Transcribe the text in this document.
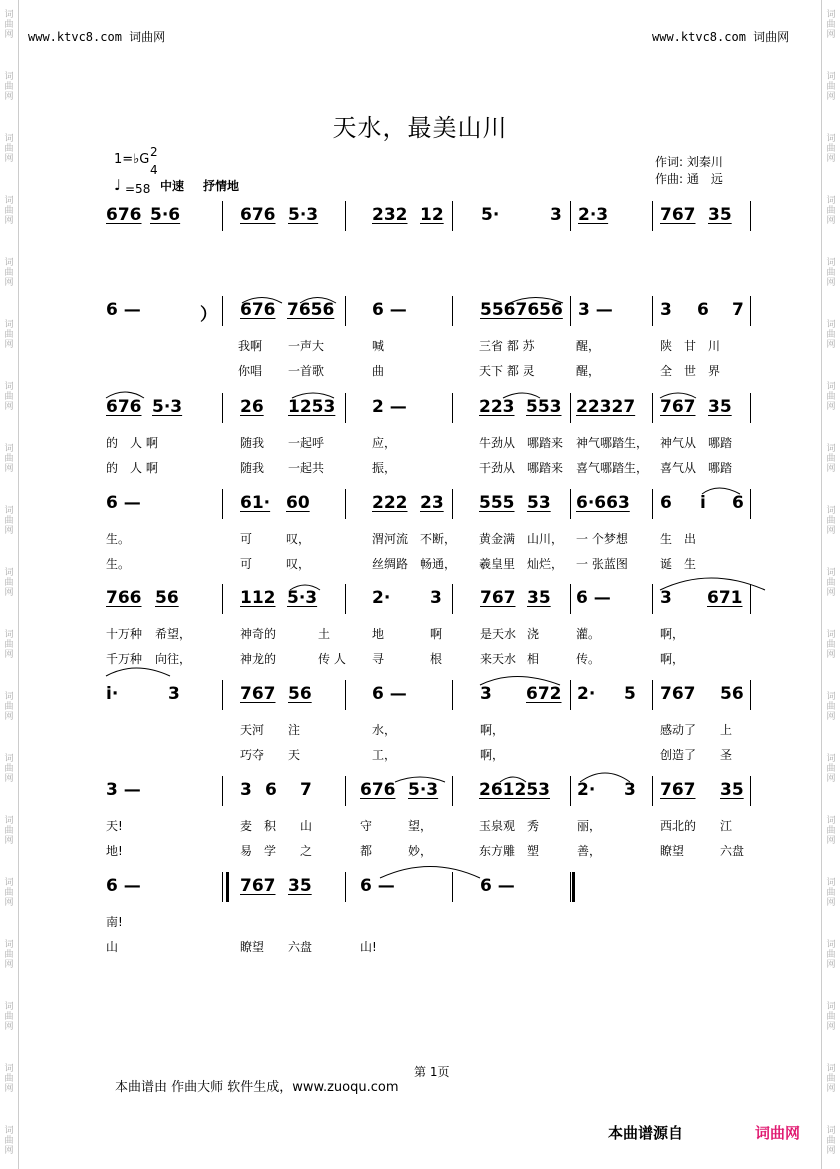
词
曲
网
词
曲
网
词
曲
网
词
曲
网
词
曲
网
词
曲
网
词
曲
网
词
曲
网
词
曲
网
词
曲
网
词
曲
网
词
曲
网
词
曲
网
词
曲
网
词
曲
网
词
曲
网
词
曲
网
词
曲
网
词
曲
网
词
曲
网
词
曲
网
词
曲
网
词
曲
网
词
曲
网
词
曲
网
词
曲
网
词
曲
网
词
曲
网
词
曲
网
词
曲
网
词
曲
网
词
曲
网
词
曲
网
词
曲
网
词
曲
网
词
曲
网
词
曲
网
词
曲
网
www.ktvc8.com 词曲网	www.ktvc8.com 词曲网
天水，最美山川
1=♭G 2
4
♩ =58 中速 抒情地
作词: 刘秦川
作曲: 通　远
676 5·6	676 5·3	232 12 5·	3 2·3	767 35
6 —	） 676 7656 6 —	5567656 3 —	3 6 7
我啊 一声大	喊	三省 都 苏	醒，	陕　甘　川
你唱 一首歌	曲	天下 都 灵	醒，	全　世　界
676 5·3	26 1253 2 —	223 553 22327 767 35
的　人 啊	随我 一起呼	应，	牛劲从 哪踏来 神气哪踏生， 神气从 哪踏
的　人 啊	随我 一起共	振，	干劲从 哪踏来 喜气哪踏生， 喜气从 哪踏
6 —	61· 60	222 23 555 53 6·663 6 i 6
生。	可　 叹，	渭河流 不断， 黄金满 山川， 一 个梦想	生　出
生。	可　 叹，	丝绸路 畅通， 羲皇里 灿烂， 一 张蓝图	诞　生
766 56	112 5·3	2· 3 767 35 6 —	3 671
十万种 希望，	神奇的	土	地	啊	是天水 浇	灌。	啊，
千万种 向往，	神龙的	传 人 寻	根	来天水 相	传。	啊，
i·	3	767 56	6 —	3 672 2· 5 767 56
天河 注	水，	啊，	感动了 上
巧夺 天	工，	啊，	创造了 圣
3 —	3 6 7	676 5·3 261253 2· 3 767 35
天!	麦　积 山	守	望，	玉泉观 秀	丽，	西北的 江
地!	易　学 之	都	妙，	东方雕 塑	善，	瞭望	六盘
6 —	767 35	6 —	6 —
南!
山	瞭望 六盘	山!
第 1页
本曲谱由 作曲大师 软件生成，www.zuoqu.com
本曲谱源自	词曲网
